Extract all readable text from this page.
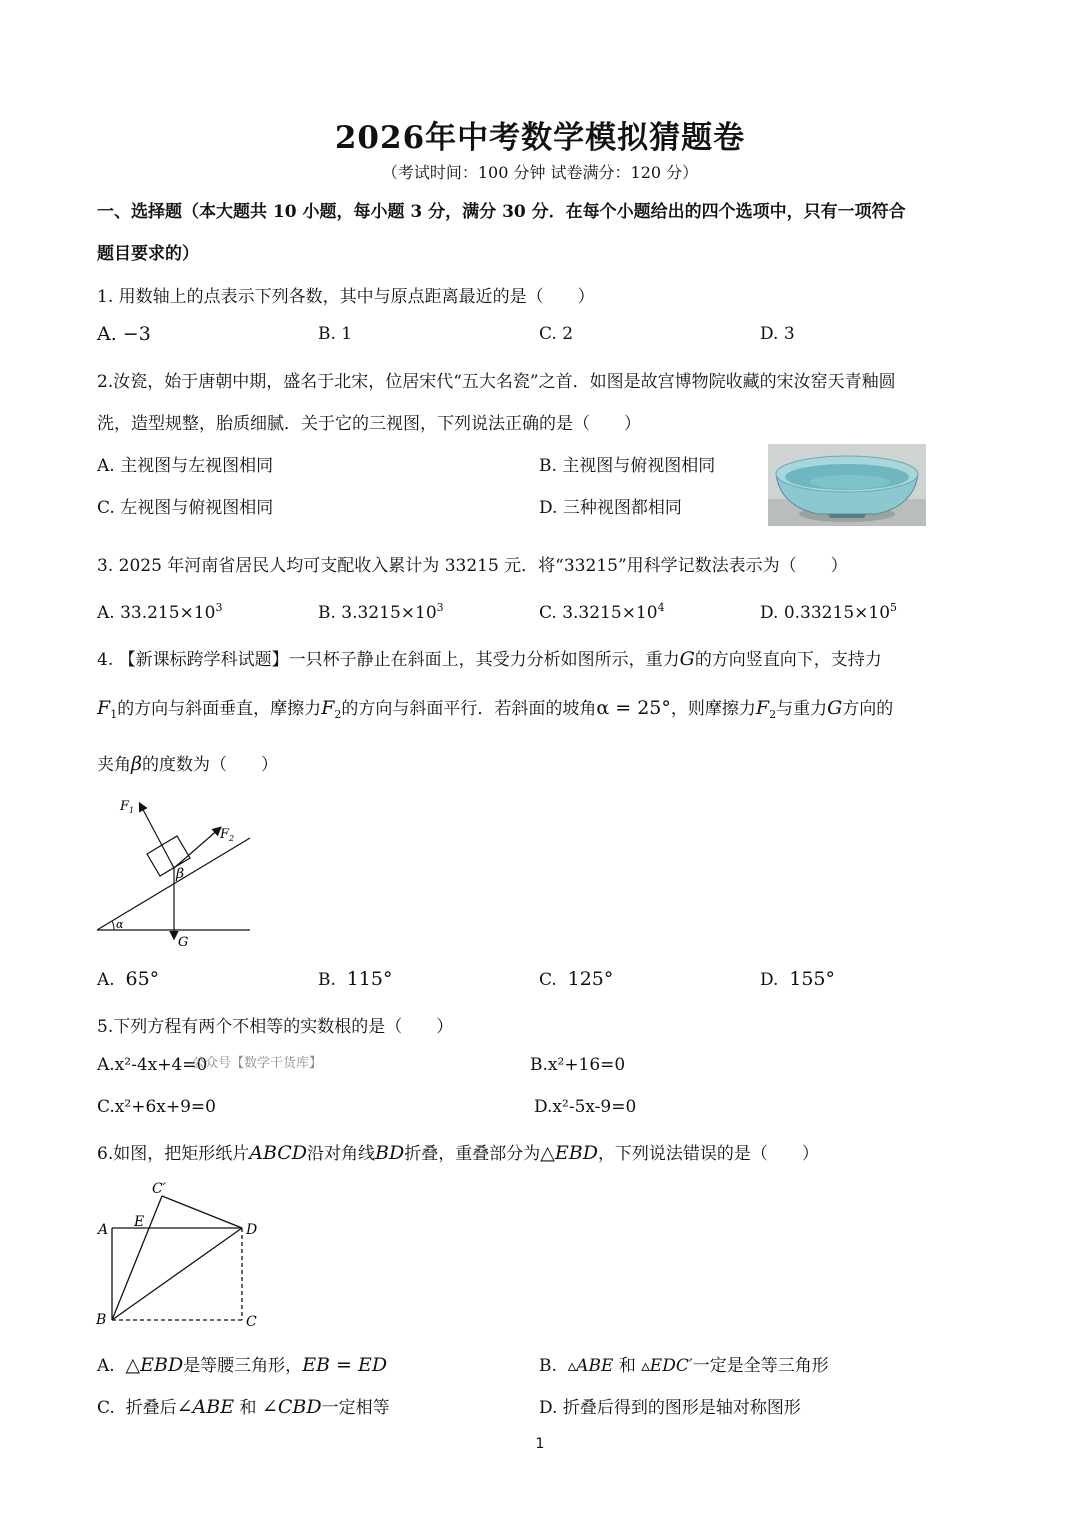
2026年中考数学模拟猜题卷
（考试时间：100 分钟 试卷满分：120 分）
一、选择题（本大题共 10 小题，每小题 3 分，满分 30 分．在每个小题给出的四个选项中，只有一项符合
题目要求的）
1. 用数轴上的点表示下列各数，其中与原点距离最近的是（　　）
A. −3	B. 1	C. 2	D. 3
2.汝瓷，始于唐朝中期，盛名于北宋，位居宋代“五大名瓷”之首．如图是故宫博物院收藏的宋汝窑天青釉圆
洗，造型规整，胎质细腻．关于它的三视图，下列说法正确的是（　　）
A. 主视图与左视图相同	B. 主视图与俯视图相同
C. 左视图与俯视图相同	D. 三种视图都相同
3. 2025 年河南省居民人均可支配收入累计为 33215 元．将“33215”用科学记数法表示为（　　）
A. $33.215\times 10^3$	B. $3.3215\times 10^3$	C. $3.3215\times 10^4$	D. $0.33215\times 10^5$
4. 【新课标跨学科试题】一只杯子静止在斜面上，其受力分析如图所示，重力G的方向竖直向下，支持力
$F_1$的方向与斜面垂直，摩擦力$F_2$的方向与斜面平行．若斜面的坡角α = 25°，则摩擦力$F_2$与重力G方向的
夹角β的度数为（　　）
$F_1$
$F_2$
β
α
G
A. 65°	B. 115°	C. 125°	D. 155°
5.下列方程有两个不相等的实数根的是（　　）
A.x²-4x+4=0
公众号【数学干货库】	B.x²+16=0
C.x²+6x+9=0	D.x²-5x-9=0
6.如图，把矩形纸片ABCD沿对角线BD折叠，重叠部分为△EBD，下列说法错误的是（　　）
C′
A E	D
B	C
A. △EBD是等腰三角形，EB = ED	B. ▵ABE 和 ▵EDC′一定是全等三角形
C. 折叠后∠ABE 和 ∠CBD一定相等	D. 折叠后得到的图形是轴对称图形
1
